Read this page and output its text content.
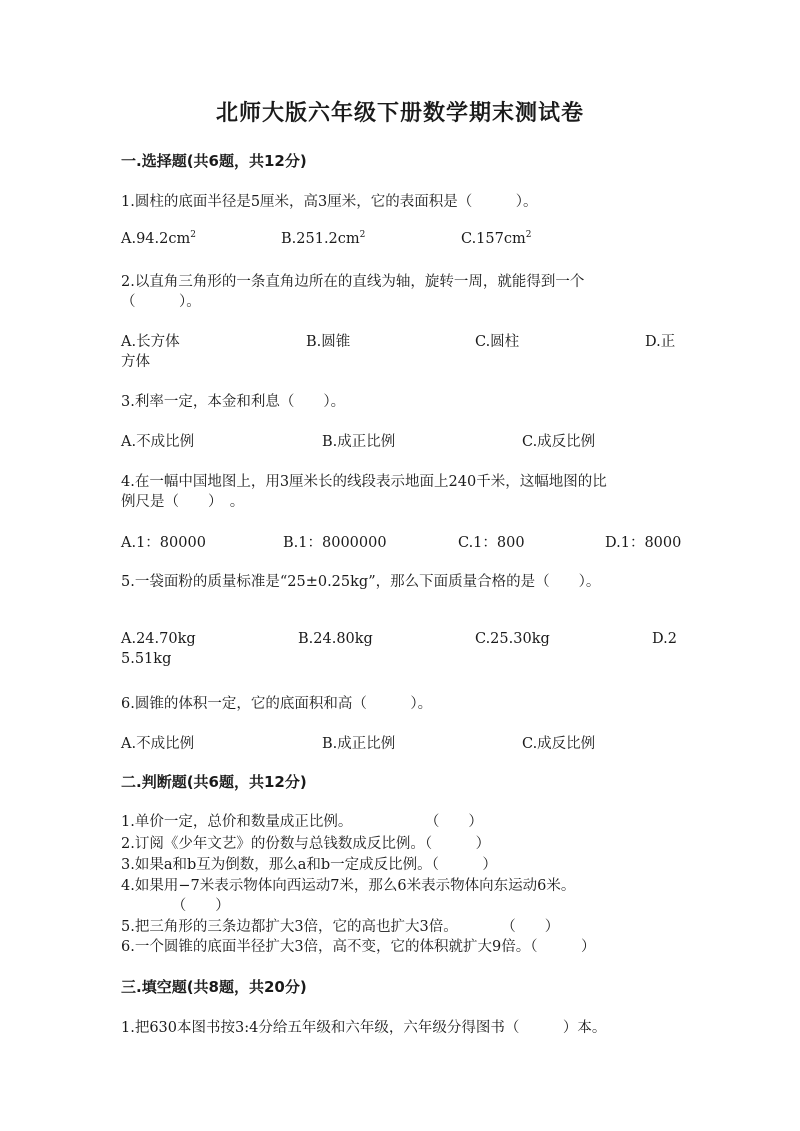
北师大版六年级下册数学期末测试卷
一.选择题(共6题，共12分)
1.圆柱的底面半径是5厘米，高3厘米，它的表面积是（　　　）。
$A.94.2cm^2$	$B.251.2cm^2$	$C.157cm^2$
2.以直角三角形的一条直角边所在的直线为轴，旋转一周，就能得到一个
（　　　）。
A.长方体	B.圆锥	C.圆柱	D.正
方体
3.利率一定，本金和利息（　　）。
A.不成比例	B.成正比例	C.成反比例
4.在一幅中国地图上，用3厘米长的线段表示地面上240千米，这幅地图的比
例尺是（　　）　。
A.1：80000	B.1：8000000	C.1：800	D.1：8000
5.一袋面粉的质量标准是“25±0.25kg”，那么下面质量合格的是（　　）。
A.24.70kg	B.24.80kg	C.25.30kg	D.2
5.51kg
6.圆锥的体积一定，它的底面积和高（　　　）。
A.不成比例	B.成正比例	C.成反比例
二.判断题(共6题，共12分)
1.单价一定，总价和数量成正比例。　　　　　　（　　）
2.订阅《少年文艺》的份数与总钱数成反比例。（　　　）
3.如果a和b互为倒数，那么a和b一定成反比例。（　　　）
4.如果用−7米表示物体向西运动7米，那么6米表示物体向东运动6米。
　　　　（　　）
5.把三角形的三条边都扩大3倍，它的高也扩大3倍。　　　　（　　）
6.一个圆锥的底面半径扩大3倍，高不变，它的体积就扩大9倍。（　　　）
三.填空题(共8题，共20分)
1.把630本图书按3:4分给五年级和六年级，六年级分得图书（　　　）本。
